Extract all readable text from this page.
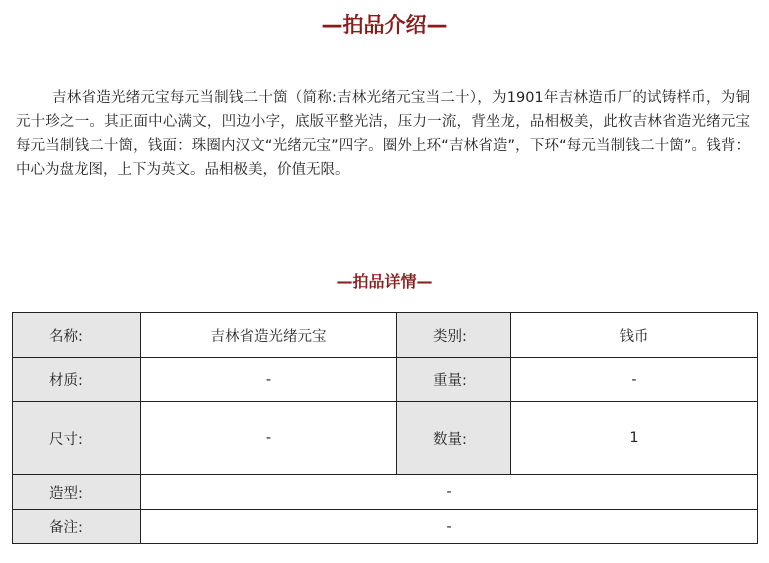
—拍品介绍—

吉林省造光绪元宝每元当制钱二十箇（简称:吉林光绪元宝当二十），为1901年吉林造币厂的试铸样币，为铜元十珍之一。其正面中心满文，凹边小字，底版平整光洁，压力一流，背坐龙，品相极美，此枚吉林省造光绪元宝每元当制钱二十箇，钱面：珠圈内汉文“光绪元宝”四字。圈外上环“吉林省造”，下环“每元当制钱二十箇”。钱背：中心为盘龙图，上下为英文。品相极美，价值无限。

—拍品详情—
名称:	吉林省造光绪元宝	类别:	钱币
材质:	-	重量:	-
尺寸:	-	数量:	1
造型:	-		
备注:	-		
